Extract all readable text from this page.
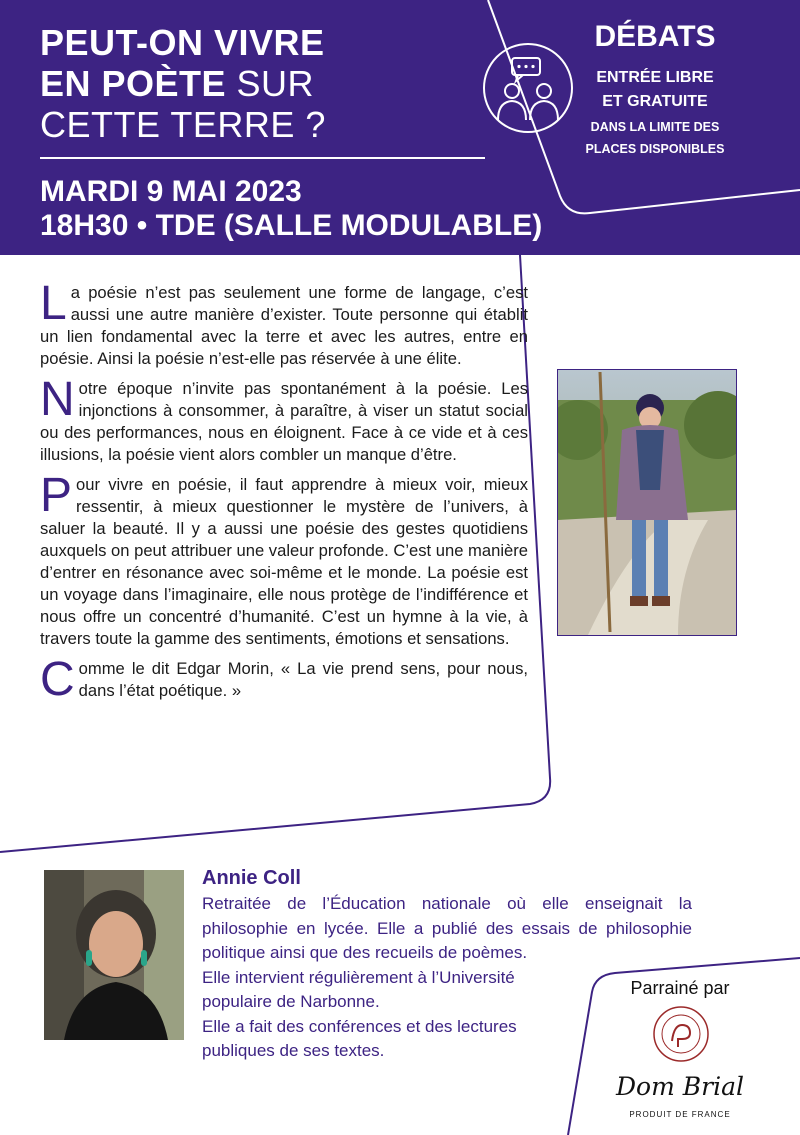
PEUT-ON VIVRE
EN POÈTE SUR
CETTE TERRE ?
MARDI 9 MAI 2023
18H30 • TDE (SALLE MODULABLE)
DÉBATS
ENTRÉE LIBRE
ET GRATUITE
DANS LA LIMITE DES
PLACES DISPONIBLES

La poésie n’est pas seulement une forme de langage, c’est aussi une autre manière d’exister. Toute personne qui établit un lien fondamental avec la terre et avec les autres, entre en poésie. Ainsi la poésie n’est-elle pas réservée à une élite.

Notre époque n’invite pas spontanément à la poésie. Les injonctions à consommer, à paraître, à viser un statut social ou des performances, nous en éloignent. Face à ce vide et à ces illusions, la poésie vient alors combler un manque d’être.

Pour vivre en poésie, il faut apprendre à mieux voir, mieux ressentir, à mieux questionner le mystère de l’univers, à saluer la beauté. Il y a aussi une poésie des gestes quotidiens auxquels on peut attribuer une valeur profonde. C’est une manière d’entrer en résonance avec soi-même et le monde. La poésie est un voyage dans l’imaginaire, elle nous protège de l’indifférence et nous offre un concentré d’humanité. C’est un hymne à la vie, à travers toute la gamme des sentiments, émotions et sensations.

Comme le dit Edgar Morin, « La vie prend sens, pour nous, dans l’état poétique. »

Annie Coll

Retraitée de l’Éducation nationale où elle enseignait la philosophie en lycée. Elle a publié des essais de philosophie politique ainsi que des recueils de poèmes.

Elle intervient régulièrement à l’Université populaire de Narbonne.

Elle a fait des conférences et des lectures publiques de ses textes.

Parrainé par
Dom Brial
PRODUIT DE FRANCE
